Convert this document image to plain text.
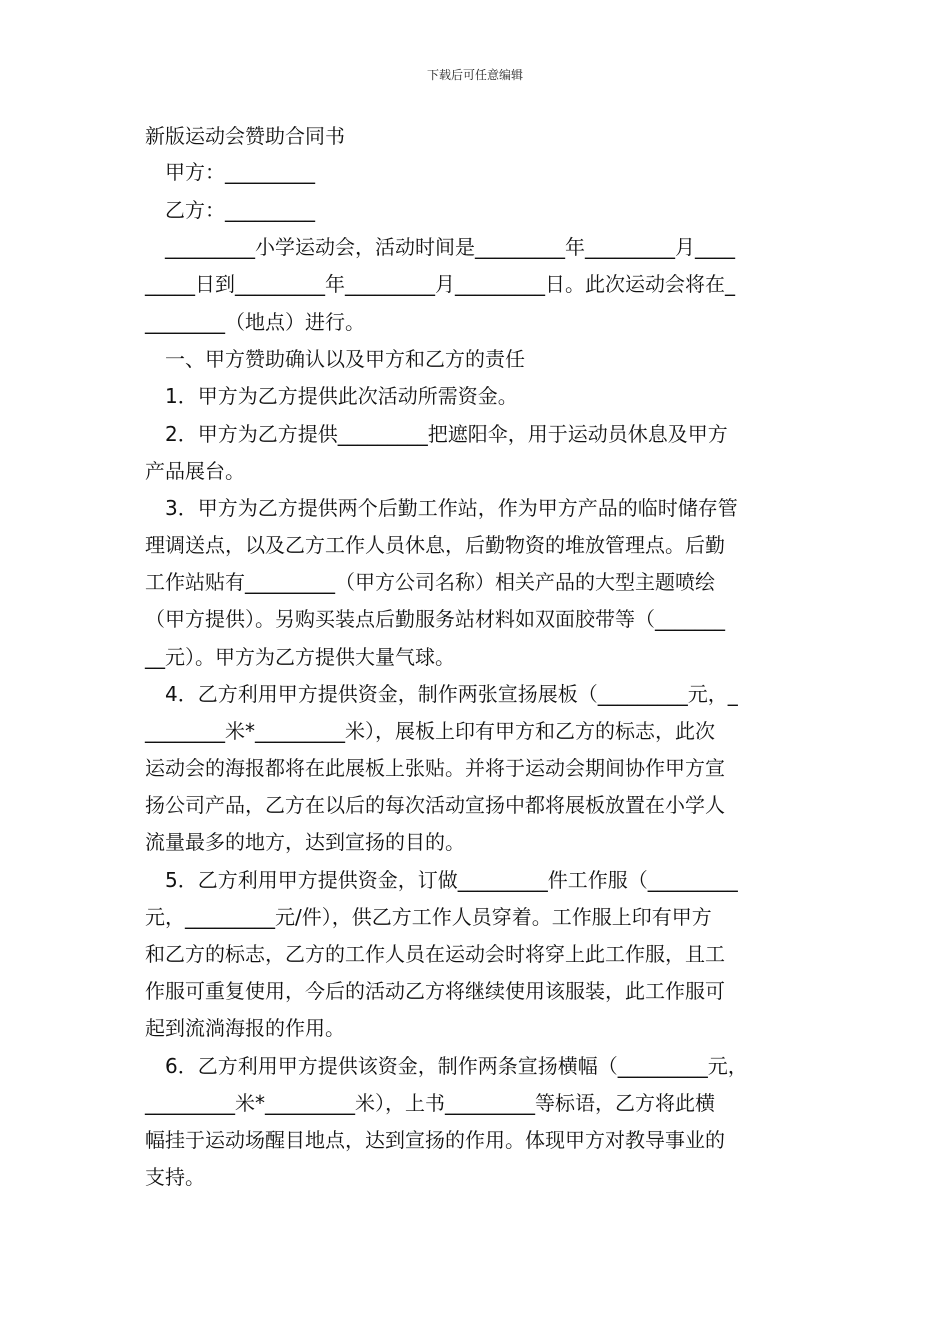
下载后可任意编辑
新版运动会赞助合同书
甲方：_________
乙方：_________
_________小学运动会，活动时间是_________年_________月____
_____日到_________年_________月_________日。此次运动会将在_
________（地点）进行。
一、甲方赞助确认以及甲方和乙方的责任
1．甲方为乙方提供此次活动所需资金。
2．甲方为乙方提供_________把遮阳伞，用于运动员休息及甲方
产品展台。
3．甲方为乙方提供两个后勤工作站，作为甲方产品的临时储存管
理调送点，以及乙方工作人员休息，后勤物资的堆放管理点。后勤
工作站贴有_________（甲方公司名称）相关产品的大型主题喷绘
（甲方提供）。另购买装点后勤服务站材料如双面胶带等（_______
__元）。甲方为乙方提供大量气球。
4．乙方利用甲方提供资金，制作两张宣扬展板（_________元，_
________米*_________米），展板上印有甲方和乙方的标志，此次
运动会的海报都将在此展板上张贴。并将于运动会期间协作甲方宣
扬公司产品，乙方在以后的每次活动宣扬中都将展板放置在小学人
流量最多的地方，达到宣扬的目的。
5．乙方利用甲方提供资金，订做_________件工作服（_________
元，_________元/件），供乙方工作人员穿着。工作服上印有甲方
和乙方的标志，乙方的工作人员在运动会时将穿上此工作服，且工
作服可重复使用，今后的活动乙方将继续使用该服装，此工作服可
起到流淌海报的作用。
6．乙方利用甲方提供该资金，制作两条宣扬横幅（_________元，
_________米*_________米），上书_________等标语，乙方将此横
幅挂于运动场醒目地点，达到宣扬的作用。体现甲方对教导事业的
支持。
